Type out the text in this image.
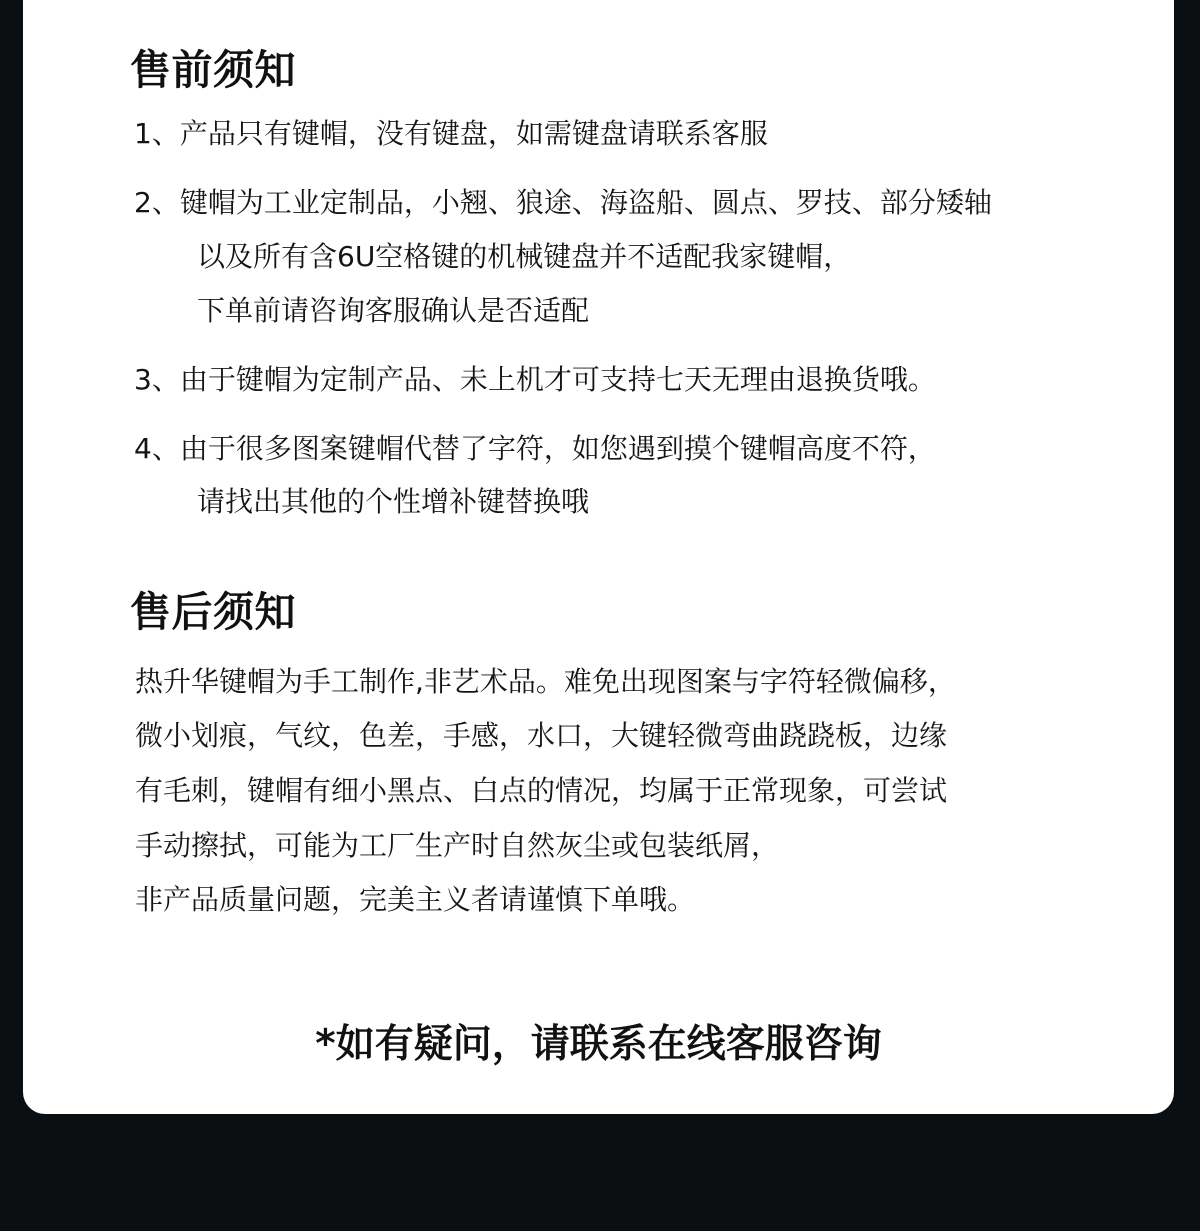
售前须知
1、产品只有键帽，没有键盘，如需键盘请联系客服
2、键帽为工业定制品，小翘、狼途、海盗船、圆点、罗技、部分矮轴
以及所有含6U空格键的机械键盘并不适配我家键帽，
下单前请咨询客服确认是否适配
3、由于键帽为定制产品、未上机才可支持七天无理由退换货哦。
4、由于很多图案键帽代替了字符，如您遇到摸个键帽高度不符，
请找出其他的个性增补键替换哦
售后须知
热升华键帽为手工制作,非艺术品。难免出现图案与字符轻微偏移，
微小划痕，气纹，色差，手感，水口，大键轻微弯曲跷跷板，边缘
有毛刺，键帽有细小黑点、白点的情况，均属于正常现象，可尝试
手动擦拭，可能为工厂生产时自然灰尘或包装纸屑，
非产品质量问题，完美主义者请谨慎下单哦。
*如有疑问，请联系在线客服咨询
